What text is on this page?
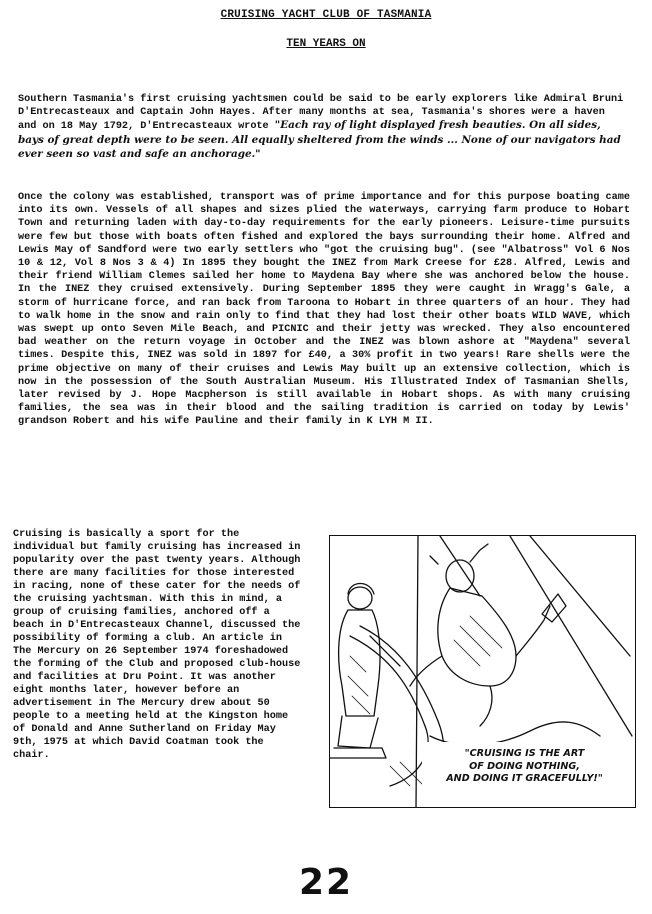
CRUISING YACHT CLUB OF TASMANIA
TEN YEARS ON
Southern Tasmania's first cruising yachtsmen could be said to be early explorers like Admiral Bruni D'Entrecasteaux and Captain John Hayes. After many months at sea, Tasmania's shores were a haven and on 18 May 1792, D'Entrecasteaux wrote "Each ray of light displayed fresh beauties. On all sides, bays of great depth were to be seen. All equally sheltered from the winds ... None of our navigators had ever seen so vast and safe an anchorage."
Once the colony was established, transport was of prime importance and for this purpose boating came into its own. Vessels of all shapes and sizes plied the waterways, carrying farm produce to Hobart Town and returning laden with day-to-day requirements for the early pioneers. Leisure-time pursuits were few but those with boats often fished and explored the bays surrounding their home. Alfred and Lewis May of Sandford were two early settlers who "got the cruising bug". (see "Albatross" Vol 6 Nos 10 & 12, Vol 8 Nos 3 & 4) In 1895 they bought the INEZ from Mark Creese for £28. Alfred, Lewis and their friend William Clemes sailed her home to Maydena Bay where she was anchored below the house. In the INEZ they cruised extensively. During September 1895 they were caught in Wragg's Gale, a storm of hurricane force, and ran back from Taroona to Hobart in three quarters of an hour. They had to walk home in the snow and rain only to find that they had lost their other boats WILD WAVE, which was swept up onto Seven Mile Beach, and PICNIC and their jetty was wrecked. They also encountered bad weather on the return voyage in October and the INEZ was blown ashore at "Maydena" several times. Despite this, INEZ was sold in 1897 for £40, a 30% profit in two years! Rare shells were the prime objective on many of their cruises and Lewis May built up an extensive collection, which is now in the possession of the South Australian Museum. His Illustrated Index of Tasmanian Shells, later revised by J. Hope Macpherson is still available in Hobart shops. As with many cruising families, the sea was in their blood and the sailing tradition is carried on today by Lewis' grandson Robert and his wife Pauline and their family in K LYH M II.
Cruising is basically a sport for the individual but family cruising has increased in popularity over the past twenty years. Although there are many facilities for those interested in racing, none of these cater for the needs of the cruising yachtsman. With this in mind, a group of cruising families, anchored off a beach in D'Entrecasteaux Channel, discussed the possibility of forming a club. An article in The Mercury on 26 September 1974 foreshadowed the forming of the Club and proposed club-house and facilities at Dru Point. It was another eight months later, however before an advertisement in The Mercury drew about 50 people to a meeting held at the Kingston home of Donald and Anne Sutherland on Friday May 9th, 1975 at which David Coatman took the chair.	"CRUISING IS THE ART
OF DOING NOTHING,
AND DOING IT GRACEFULLY!"
22
